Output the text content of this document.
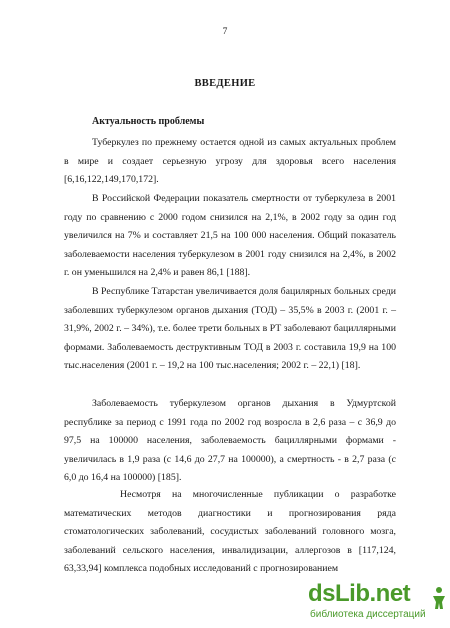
7
ВВЕДЕНИЕ
Актуальность проблемы

Туберкулез по прежнему остается одной из самых актуальных проблем в мире и создает серьезную угрозу для здоровья всего населения [6,16,122,149,170,172].

В Российской Федерации показатель смертности от туберкулеза в 2001 году по сравнению с 2000 годом снизился на 2,1%, в 2002 году за один год увеличился на 7% и составляет 21,5 на 100 000 населения. Общий показатель заболеваемости населения туберкулезом в 2001 году снизился на 2,4%, в 2002 г. он уменьшился на 2,4% и равен 86,1 [188].

В Республике Татарстан увеличивается доля бацилярных больных среди заболевших туберкулезом органов дыхания (ТОД) – 35,5% в 2003 г. (2001 г. – 31,9%, 2002 г. – 34%), т.е. более трети больных в РТ заболевают бациллярными формами. Заболеваемость деструктивным ТОД в 2003 г. составила 19,9 на 100 тыс.населения (2001 г. – 19,2 на 100 тыс.населения; 2002 г. – 22,1) [18].

Заболеваемость туберкулезом органов дыхания в Удмуртской республике за период с 1991 года по 2002 год возросла в 2,6 раза – с 36,9 до 97,5 на 100000 населения, заболеваемость бациллярными формами - увеличилась в 1,9 раза (с 14,6 до 27,7 на 100000), а смертность - в 2,7 раза (с 6,0 до 16,4 на 100000) [185].

Несмотря на многочисленные публикации о разработке математических методов диагностики и прогнозирования ряда стоматологических заболеваний, сосудистых заболеваний головного мозга, заболеваний сельского населения, инвалидизации, аллергозов в [117,124, 63,33,94] комплекса подобных исследований с прогнозированием

dsLib.net
библиотека диссертаций
